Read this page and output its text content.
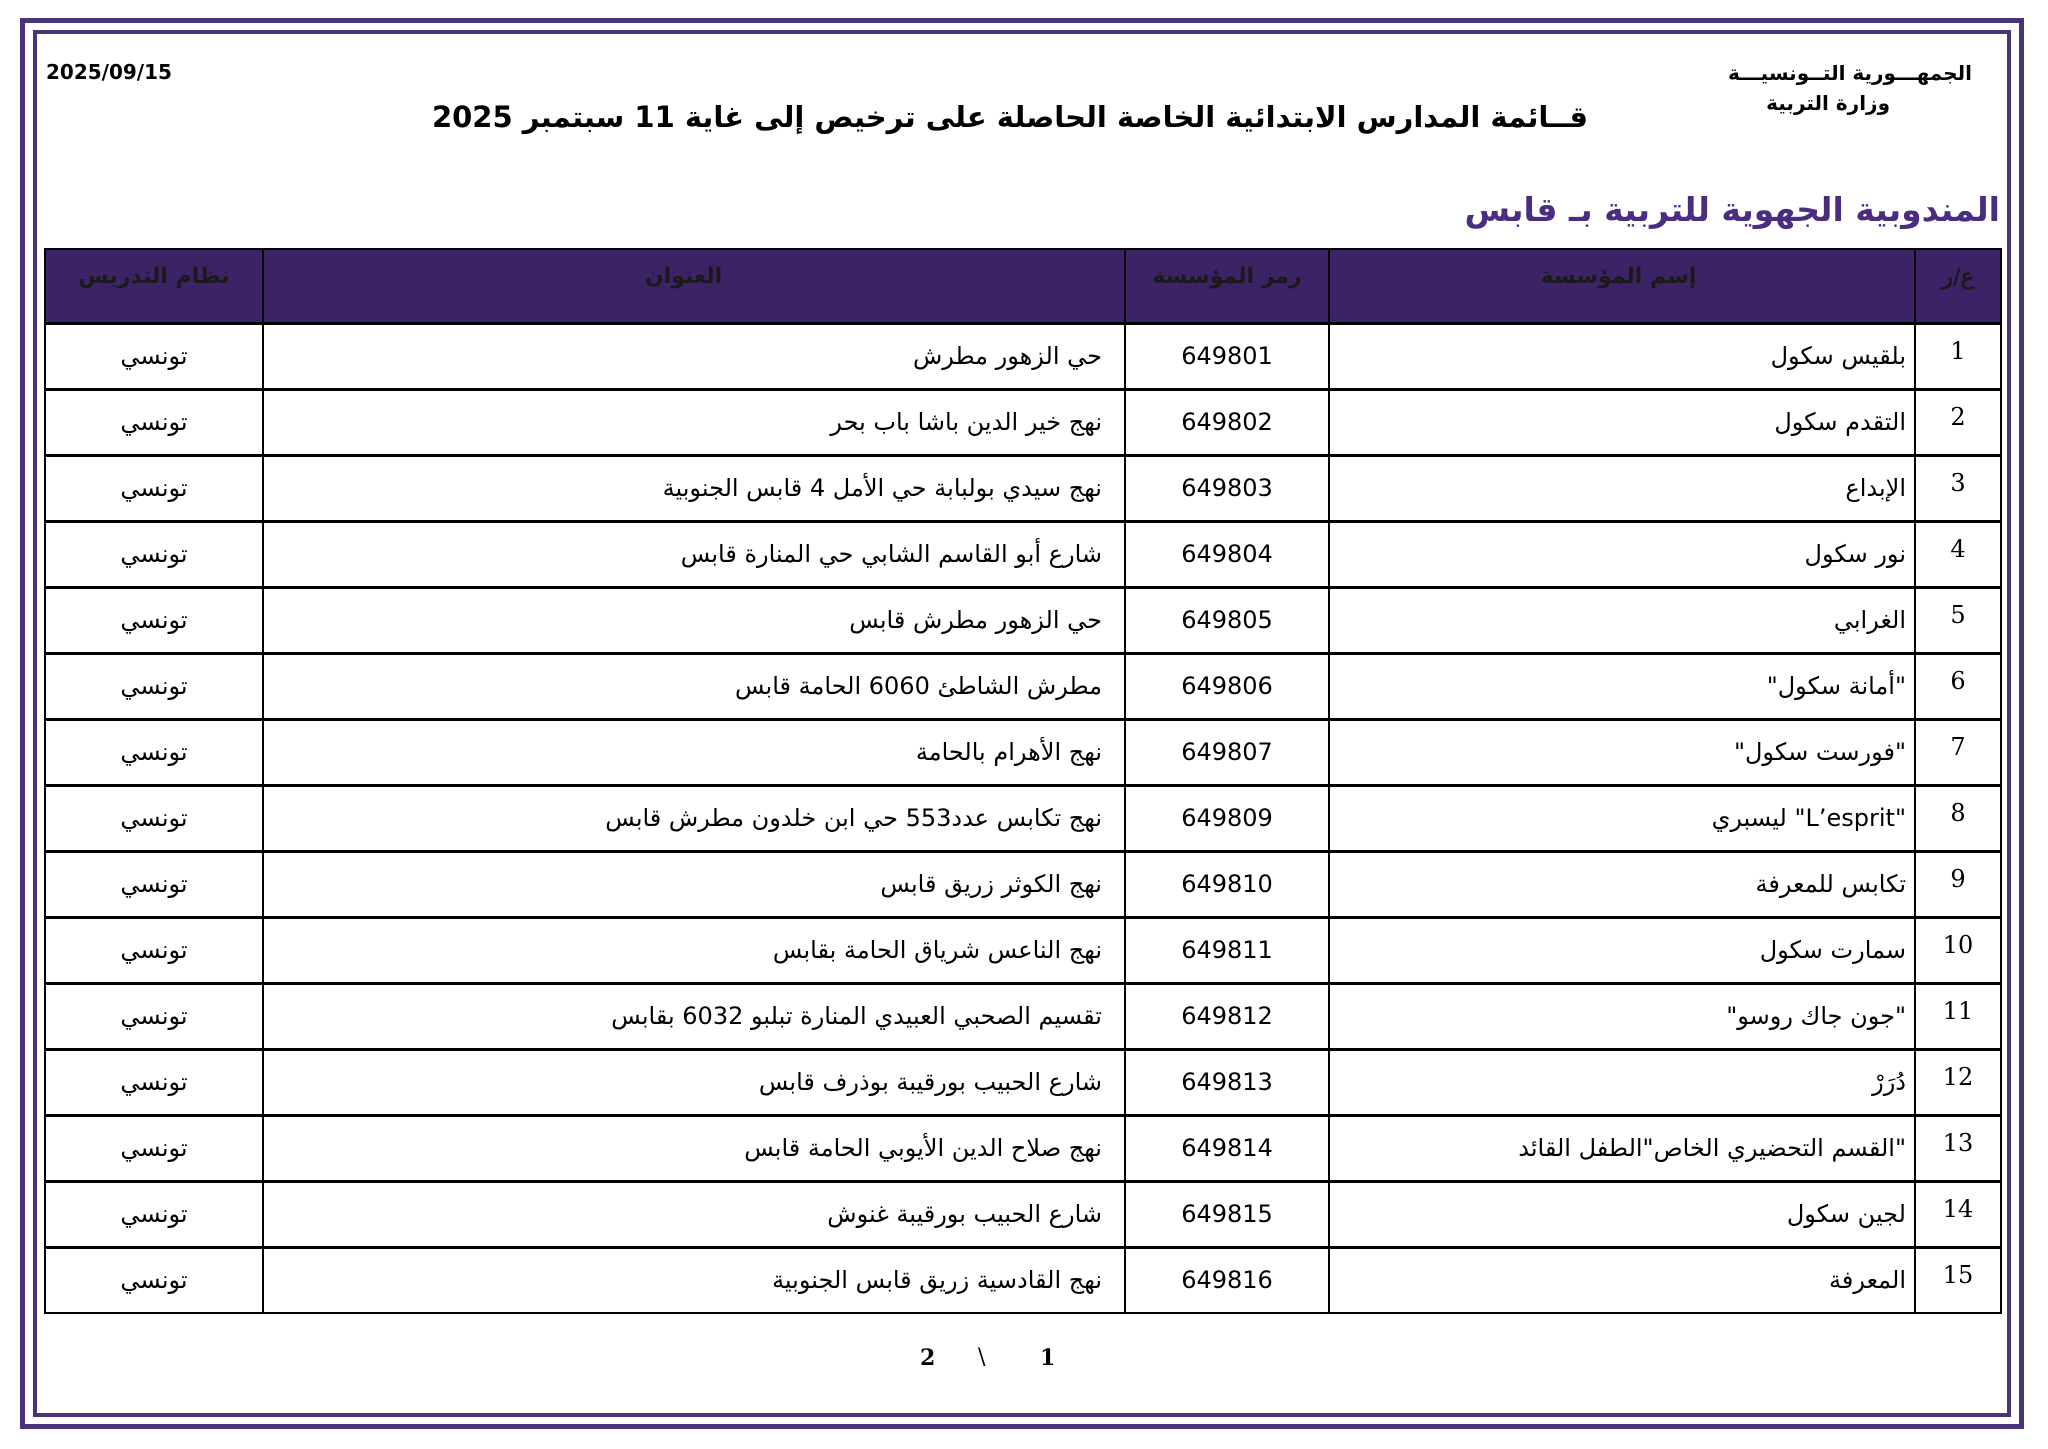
2025/09/15	الجمهـــورية التــونسيـــة
وزارة التربية
قــائمة المدارس الابتدائية الخاصة الحاصلة على ترخيص إلى غاية 11 سبتمبر 2025
المندوبية الجهوية للتربية بـ قابس
ع/ر	إسم المؤسسة	رمز المؤسسة	العنوان	نظام التدريس
1	بلقيس سكول	649801	حي الزهور مطرش	تونسي
2	التقدم سكول	649802	نهج خير الدين باشا باب بحر	تونسي
3	الإبداع	649803	نهج سيدي بولبابة حي الأمل 4 قابس الجنوبية	تونسي
4	نور سكول	649804	شارع أبو القاسم الشابي حي المنارة قابس	تونسي
5	الغرابي	649805	حي الزهور مطرش قابس	تونسي
6	"أمانة سكول"	649806	مطرش الشاطئ 6060 الحامة قابس	تونسي
7	"فورست سكول"	649807	نهج الأهرام بالحامة	تونسي
8	"L’esprit" ليسبري	649809	نهج تكابس عدد553 حي ابن خلدون مطرش قابس	تونسي
9	تكابس للمعرفة	649810	نهج الكوثر زريق قابس	تونسي
10	سمارت سكول	649811	نهج الناعس شرياق الحامة بقابس	تونسي
11	"جون جاك روسو"	649812	تقسيم الصحبي العبيدي المنارة تبلبو 6032 بقابس	تونسي
12	دُرَرْ	649813	شارع الحبيب بورقيبة بوذرف قابس	تونسي
13	"القسم التحضيري الخاص"الطفل القائد	649814	نهج صلاح الدين الأيوبي الحامة قابس	تونسي
14	لجين سكول	649815	شارع الحبيب بورقيبة غنوش	تونسي
15	المعرفة	649816	نهج القادسية زريق قابس الجنوبية	تونسي
2 \ 1
